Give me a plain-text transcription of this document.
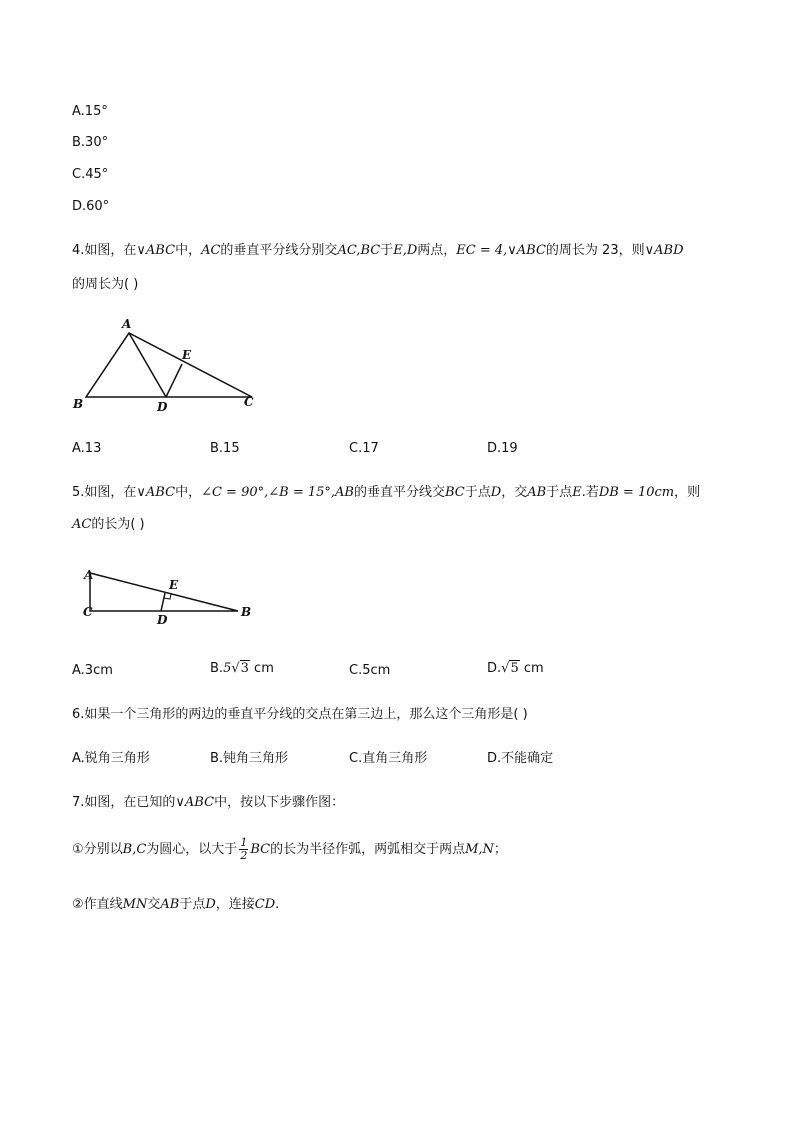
A.15°
B.30°
C.45°
D.60°
4.如图，在∨ABC中，AC的垂直平分线分别交AC,BC于E,D两点，EC = 4,∨ABC的周长为 23，则∨ABD
的周长为( )
A
B	C
D
E
A.13	B.15	C.17	D.19
5.如图，在∨ABC中，∠C = 90°,∠B = 15°,AB的垂直平分线交BC于点D，交AB于点E.若DB = 10cm，则
AC的长为( )
A
B
C
D
E
A.3cm	B.5√3 cm	C.5cm	D.√5 cm
6.如果一个三角形的两边的垂直平分线的交点在第三边上，那么这个三角形是( )
A.锐角三角形	B.钝角三角形	C.直角三角形	D.不能确定
7.如图，在已知的∨ABC中，按以下步骤作图：
①分别以B,C为圆心，以大于 $\frac{1}{2}$ BC的长为半径作弧，两弧相交于两点M,N；
②作直线MN交AB于点D，连接CD.
